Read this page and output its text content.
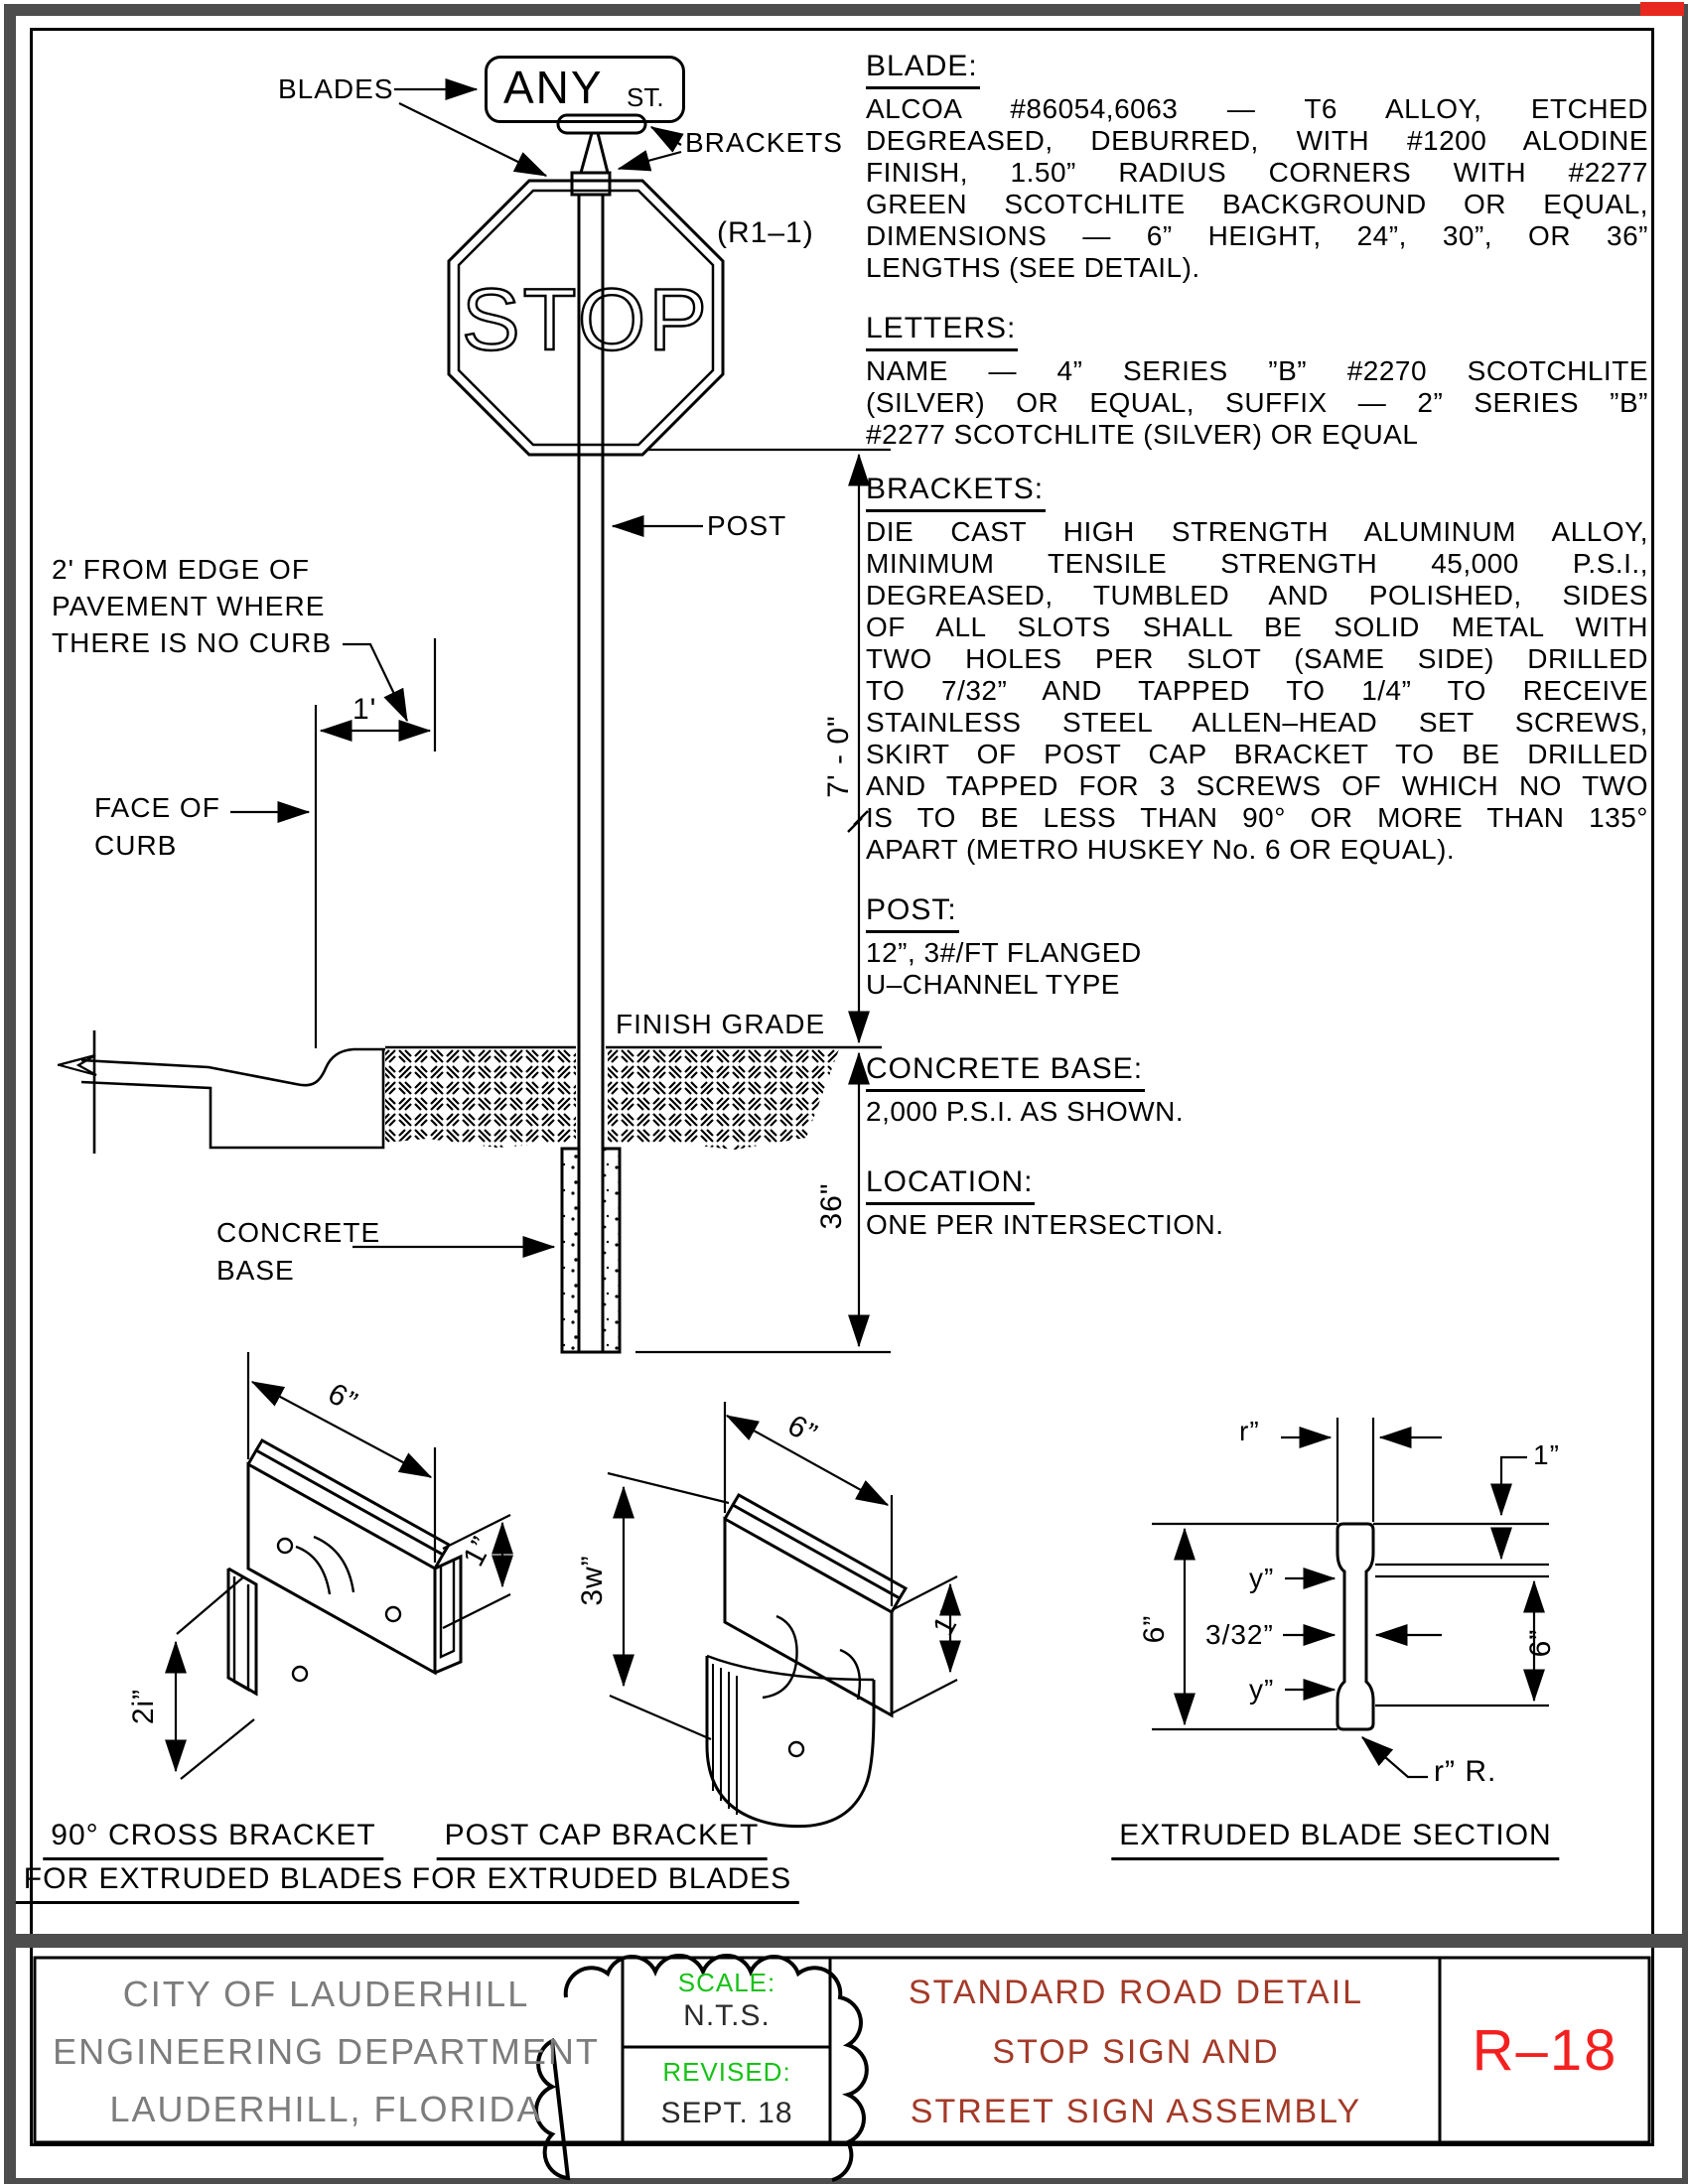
STOP
BLADES
BRACKETS
(R1–1)
ANY ST.
POST
2' FROM EDGE OF
PAVEMENT WHERE
THERE IS NO CURB
1'
FACE OF
CURB
FINISH GRADE
CONCRETE
BASE
7' - 0"
36"
BLADE:
ALCOA #86054,6063 — T6 ALLOY, ETCHED
DEGREASED, DEBURRED, WITH #1200 ALODINE
FINISH, 1.50” RADIUS CORNERS WITH #2277
GREEN SCOTCHLITE BACKGROUND OR EQUAL,
DIMENSIONS — 6” HEIGHT, 24”, 30”, OR 36”
LENGTHS (SEE DETAIL).
LETTERS:
NAME — 4” SERIES ”B” #2270 SCOTCHLITE
(SILVER) OR EQUAL, SUFFIX — 2” SERIES ”B”
#2277 SCOTCHLITE (SILVER) OR EQUAL
BRACKETS:
DIE CAST HIGH STRENGTH ALUMINUM ALLOY,
MINIMUM TENSILE STRENGTH 45,000 P.S.I.,
DEGREASED, TUMBLED AND POLISHED, SIDES
OF ALL SLOTS SHALL BE SOLID METAL WITH
TWO HOLES PER SLOT (SAME SIDE) DRILLED
TO 7/32” AND TAPPED TO 1/4” TO RECEIVE
STAINLESS STEEL ALLEN–HEAD SET SCREWS,
SKIRT OF POST CAP BRACKET TO BE DRILLED
AND TAPPED FOR 3 SCREWS OF WHICH NO TWO
IS TO BE LESS THAN 90° OR MORE THAN 135°
APART (METRO HUSKEY No. 6 OR EQUAL).
POST:
12”, 3#/FT FLANGED
U–CHANNEL TYPE
CONCRETE BASE:
2,000 P.S.I. AS SHOWN.
LOCATION:
ONE PER INTERSECTION.
6”
1”
2i”
6”
3w”
1”
r”
1”
y”
3/32”
y”
6”	6”
r” R.
90° CROSS BRACKET
FOR EXTRUDED BLADES
POST CAP BRACKET
FOR EXTRUDED BLADES
EXTRUDED BLADE SECTION
CITY OF LAUDERHILL
ENGINEERING DEPARTMENT
LAUDERHILL, FLORIDA
SCALE:
N.T.S.
REVISED:
SEPT. 18
STANDARD ROAD DETAIL
STOP SIGN AND
STREET SIGN ASSEMBLY
R–18
